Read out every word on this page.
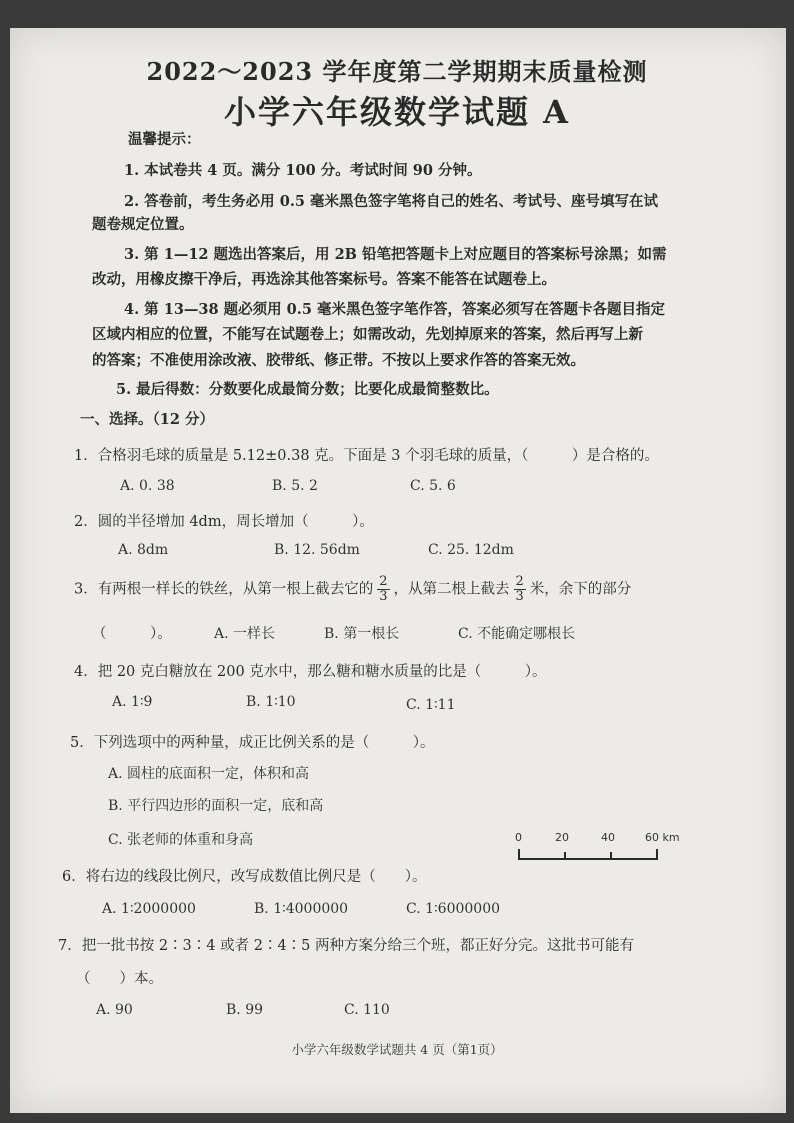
2022～2023 学年度第二学期期末质量检测
小学六年级数学试题 A
温馨提示：
1. 本试卷共 4 页。满分 100 分。考试时间 90 分钟。
2. 答卷前，考生务必用 0.5 毫米黑色签字笔将自己的姓名、考试号、座号填写在试
题卷规定位置。
3. 第 1—12 题选出答案后，用 2B 铅笔把答题卡上对应题目的答案标号涂黑；如需
改动，用橡皮擦干净后，再选涂其他答案标号。答案不能答在试题卷上。
4. 第 13—38 题必须用 0.5 毫米黑色签字笔作答，答案必须写在答题卡各题目指定
区域内相应的位置，不能写在试题卷上；如需改动，先划掉原来的答案，然后再写上新
的答案；不准使用涂改液、胶带纸、修正带。不按以上要求作答的答案无效。
5. 最后得数：分数要化成最简分数；比要化成最简整数比。
一、选择。（12 分）
1．合格羽毛球的质量是 5.12±0.38 克。下面是 3 个羽毛球的质量，（　　　）是合格的。
A. 0. 38	B. 5. 2	C. 5. 6
2．圆的半径增加 4dm，周长增加（　　　）。
A. 8dm	B. 12. 56dm	C. 25. 12dm
3．有两根一样长的铁丝，从第一根上截去它的 $\frac{2}{3}$ ，从第二根上截去 $\frac{2}{3}$ 米，余下的部分
（　　　）。	A. 一样长	B. 第一根长	C. 不能确定哪根长
4．把 20 克白糖放在 200 克水中，那么糖和糖水质量的比是（　　　）。
A. 1∶9	B. 1∶10	C. 1∶11
5．下列选项中的两种量，成正比例关系的是（　　　）。
A. 圆柱的底面积一定，体积和高
B. 平行四边形的面积一定，底和高
C. 张老师的体重和身高	0	20	40	60 km
6．将右边的线段比例尺，改写成数值比例尺是（　　）。
A. 1∶2000000	B. 1∶4000000	C. 1∶6000000
7．把一批书按 2∶3∶4 或者 2∶4∶5 两种方案分给三个班，都正好分完。这批书可能有
（　　）本。
A. 90	B. 99	C. 110
小学六年级数学试题共 4 页（第1页）
